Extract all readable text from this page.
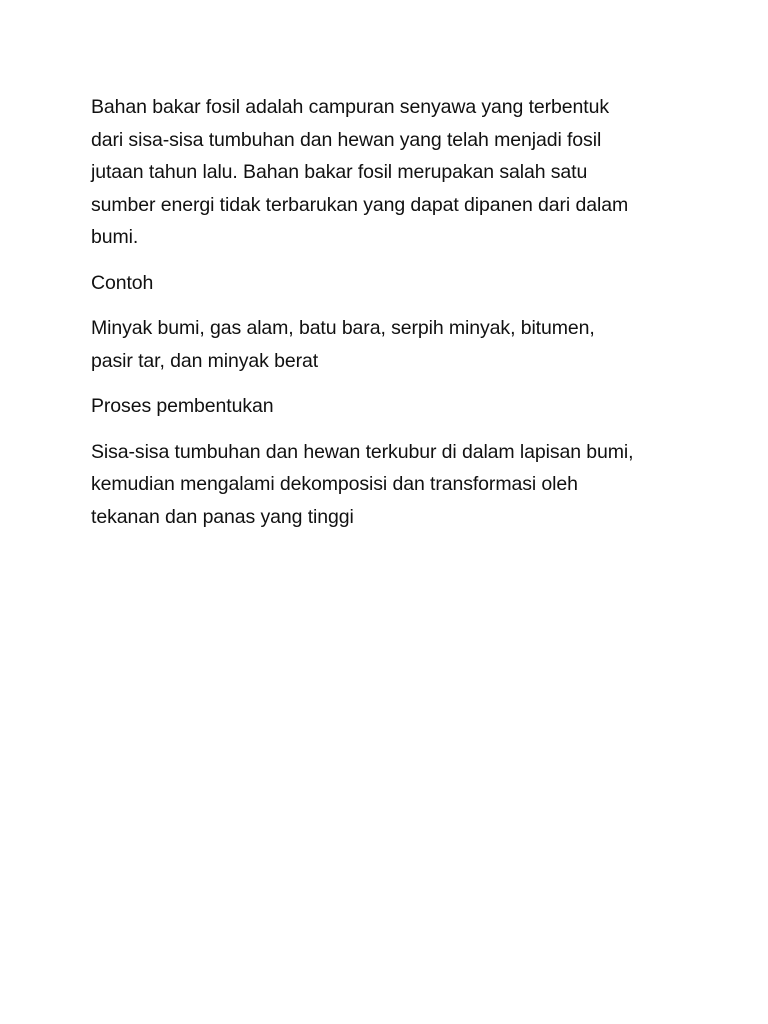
Bahan bakar fosil adalah campuran senyawa yang terbentuk
dari sisa-sisa tumbuhan dan hewan yang telah menjadi fosil
jutaan tahun lalu. Bahan bakar fosil merupakan salah satu
sumber energi tidak terbarukan yang dapat dipanen dari dalam
bumi.

Contoh

Minyak bumi, gas alam, batu bara, serpih minyak, bitumen,
pasir tar, dan minyak berat

Proses pembentukan

Sisa-sisa tumbuhan dan hewan terkubur di dalam lapisan bumi,
kemudian mengalami dekomposisi dan transformasi oleh
tekanan dan panas yang tinggi
